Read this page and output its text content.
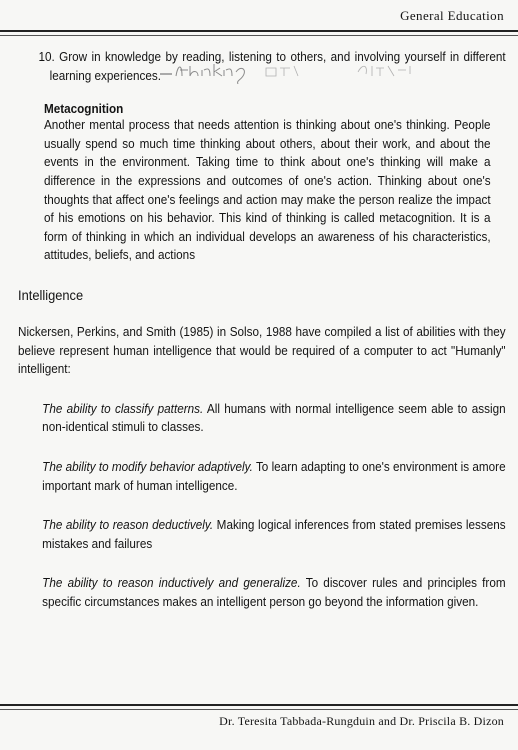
General Education
10. Grow in knowledge by reading, listening to others, and involving yourself in different learning experiences.
Metacognition
Another mental process that needs attention is thinking about one's thinking. People usually spend so much time thinking about others, about their work, and about the events in the environment. Taking time to think about one's thinking will make a difference in the expressions and outcomes of one's action. Thinking about one's thoughts that affect one's feelings and action may make the person realize the impact of his emotions on his behavior. This kind of thinking is called metacognition. It is a form of thinking in which an individual develops an awareness of his characteristics, attitudes, beliefs, and actions
Intelligence
Nickersen, Perkins, and Smith (1985) in Solso, 1988 have compiled a list of abilities with they believe represent human intelligence that would be required of a computer to act "Humanly" intelligent:
The ability to classify patterns. All humans with normal intelligence seem able to assign non-identical stimuli to classes.
The ability to modify behavior adaptively. To learn adapting to one's environment is amore important mark of human intelligence.
The ability to reason deductively. Making logical inferences from stated premises lessens mistakes and failures
The ability to reason inductively and generalize. To discover rules and principles from specific circumstances makes an intelligent person go beyond the information given.
Dr. Teresita Tabbada-Rungduin and Dr. Priscila B. Dizon
